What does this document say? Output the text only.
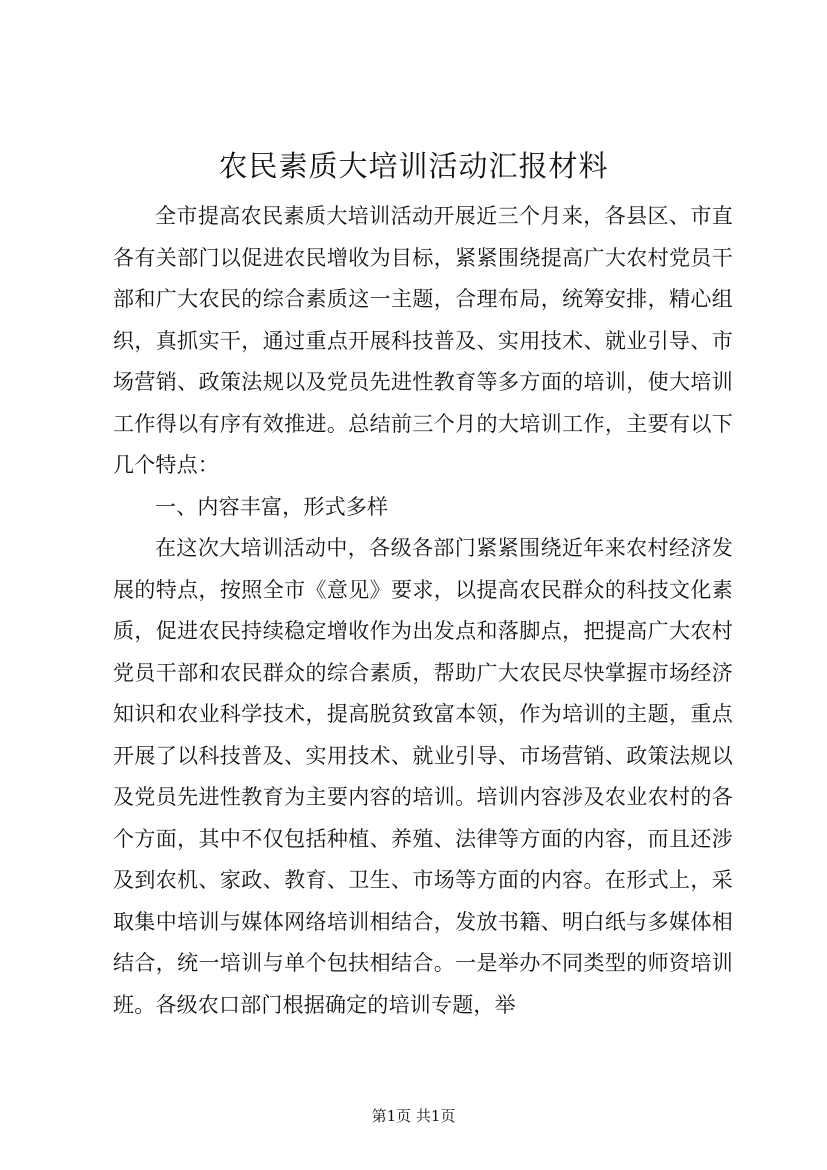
农民素质大培训活动汇报材料

全市提高农民素质大培训活动开展近三个月来，各县区、市直各有关部门以促进农民增收为目标，紧紧围绕提高广大农村党员干部和广大农民的综合素质这一主题，合理布局，统筹安排，精心组织，真抓实干，通过重点开展科技普及、实用技术、就业引导、市场营销、政策法规以及党员先进性教育等多方面的培训，使大培训工作得以有序有效推进。总结前三个月的大培训工作，主要有以下几个特点：

一、内容丰富，形式多样

在这次大培训活动中，各级各部门紧紧围绕近年来农村经济发展的特点，按照全市《意见》要求，以提高农民群众的科技文化素质，促进农民持续稳定增收作为出发点和落脚点，把提高广大农村党员干部和农民群众的综合素质，帮助广大农民尽快掌握市场经济知识和农业科学技术，提高脱贫致富本领，作为培训的主题，重点开展了以科技普及、实用技术、就业引导、市场营销、政策法规以及党员先进性教育为主要内容的培训。培训内容涉及农业农村的各个方面，其中不仅包括种植、养殖、法律等方面的内容，而且还涉及到农机、家政、教育、卫生、市场等方面的内容。在形式上，采取集中培训与媒体网络培训相结合，发放书籍、明白纸与多媒体相结合，统一培训与单个包扶相结合。一是举办不同类型的师资培训班。各级农口部门根据确定的培训专题，举

第1页 共1页
